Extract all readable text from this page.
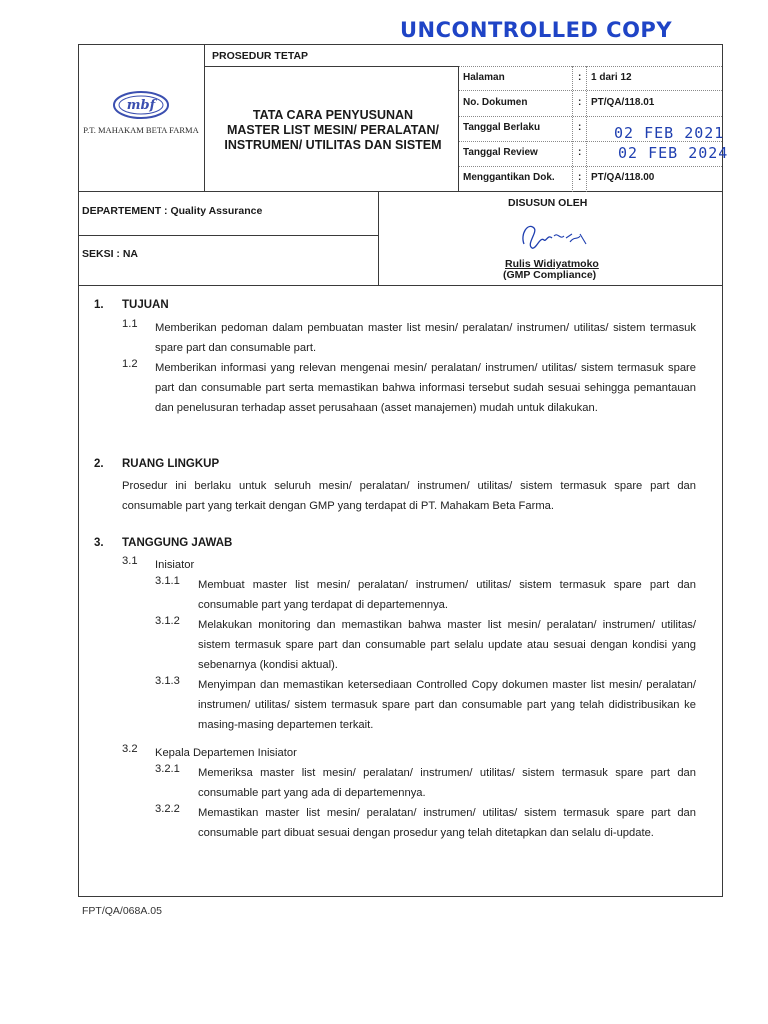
UNCONTROLLED COPY
PROSEDUR TETAP
mbf
P.T. MAHAKAM BETA FARMA
TATA CARA PENYUSUNAN
MASTER LIST MESIN/ PERALATAN/
INSTRUMEN/ UTILITAS DAN SISTEM
Halaman	: 1 dari 12
No. Dokumen	: PT/QA/118.01
Tanggal Berlaku	: 02 FEB 2021
Tanggal Review	: 02 FEB 2024
Menggantikan Dok. : PT/QA/118.00
DEPARTEMENT : Quality Assurance
SEKSI : NA
DISUSUN OLEH
Rulis Widiyatmoko
(GMP Compliance)
1. TUJUAN
1.1 Memberikan pedoman dalam pembuatan master list mesin/ peralatan/ instrumen/ utilitas/ sistem termasuk spare part dan consumable part.
1.2 Memberikan informasi yang relevan mengenai mesin/ peralatan/ instrumen/ utilitas/ sistem termasuk spare part dan consumable part serta memastikan bahwa informasi tersebut sudah sesuai sehingga pemantauan dan penelusuran terhadap asset perusahaan (asset manajemen) mudah untuk dilakukan.
2. RUANG LINGKUP
Prosedur ini berlaku untuk seluruh mesin/ peralatan/ instrumen/ utilitas/ sistem termasuk spare part dan consumable part yang terkait dengan GMP yang terdapat di PT. Mahakam Beta Farma.
3. TANGGUNG JAWAB
3.1 Inisiator
3.1.1 Membuat master list mesin/ peralatan/ instrumen/ utilitas/ sistem termasuk spare part dan consumable part yang terdapat di departemennya.
3.1.2 Melakukan monitoring dan memastikan bahwa master list mesin/ peralatan/ instrumen/ utilitas/ sistem termasuk spare part dan consumable part selalu update atau sesuai dengan kondisi yang sebenarnya (kondisi aktual).
3.1.3 Menyimpan dan memastikan ketersediaan Controlled Copy dokumen master list mesin/ peralatan/ instrumen/ utilitas/ sistem termasuk spare part dan consumable part yang telah didistribusikan ke masing-masing departemen terkait.
3.2 Kepala Departemen Inisiator
3.2.1 Memeriksa master list mesin/ peralatan/ instrumen/ utilitas/ sistem termasuk spare part dan consumable part yang ada di departemennya.
3.2.2 Memastikan master list mesin/ peralatan/ instrumen/ utilitas/ sistem termasuk spare part dan consumable part dibuat sesuai dengan prosedur yang telah ditetapkan dan selalu di-update.
FPT/QA/068A.05
